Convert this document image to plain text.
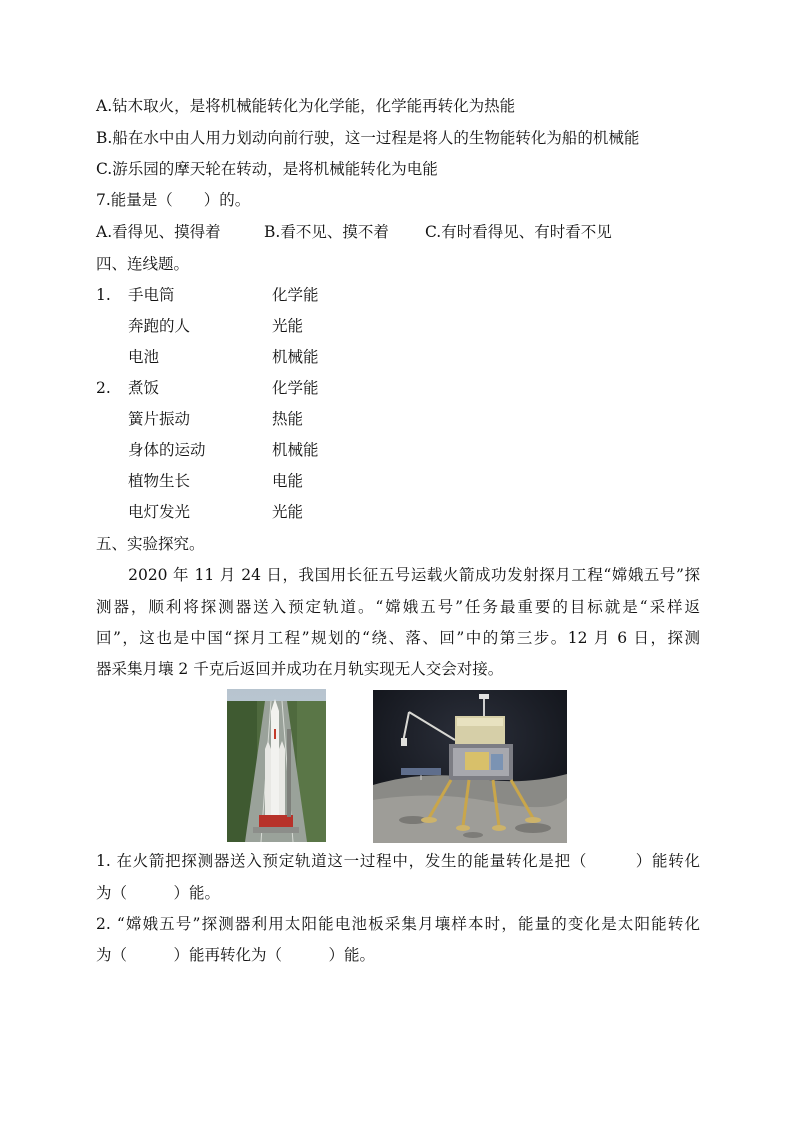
A.钻木取火，是将机械能转化为化学能，化学能再转化为热能
B.船在水中由人用力划动向前行驶，这一过程是将人的生物能转化为船的机械能
C.游乐园的摩天轮在转动，是将机械能转化为电能
7.能量是（　　）的。
A.看得见、摸得着	B.看不见、摸不着 C.有时看得见、有时看不见
四、连线题。
1. 手电筒	化学能
奔跑的人	光能
电池	机械能
2. 煮饭	化学能
簧片振动	热能
身体的运动	机械能
植物生长	电能
电灯发光	光能
五、实验探究。
　　2020 年 11 月 24 日，我国用长征五号运载火箭成功发射探月工程“嫦娥五号”探
测器，顺利将探测器送入预定轨道。“嫦娥五号”任务最重要的目标就是“采样返
回”，这也是中国“探月工程”规划的“绕、落、回”中的第三步。12 月 6 日，探测
器采集月壤 2 千克后返回并成功在月轨实现无人交会对接。
1. 在火箭把探测器送入预定轨道这一过程中，发生的能量转化是把（　　　）能转化
为（　　　）能。
2. “嫦娥五号”探测器利用太阳能电池板采集月壤样本时，能量的变化是太阳能转化
为（　　　）能再转化为（　　　）能。
